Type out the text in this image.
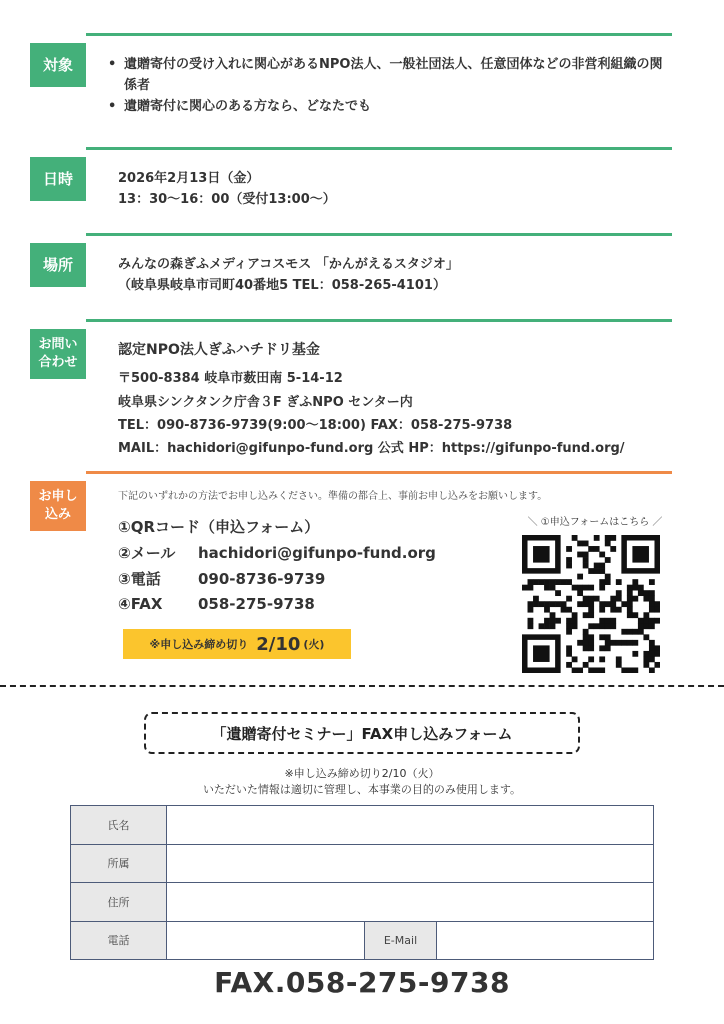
対象	• 遺贈寄付の受け入れに関心があるNPO法人、一般社団法人、任意団体などの非営利組織の関係者
• 遺贈寄付に関心のある方なら、どなたでも
日時	2026年2月13日（金）
13：30〜16：00（受付13:00〜）
場所	みんなの森ぎふメディアコスモス 「かんがえるスタジオ」
（岐阜県岐阜市司町40番地5 TEL：058-265-4101）
お問い
合わせ
認定NPO法人ぎふハチドリ基金
〒500-8384 岐阜市薮田南 5-14-12
岐阜県シンクタンク庁舎３F ぎふNPO センター内
TEL：090-8736-9739(9:00〜18:00) FAX：058-275-9738
MAIL：hachidori@gifunpo-fund.org 公式 HP：https://gifunpo-fund.org/
お申し
込み
下記のいずれかの方法でお申し込みください。準備の都合上、事前お申し込みをお願いします。
①QRコード（申込フォーム）
②メール hachidori@gifunpo-fund.org
③電話 090-8736-9739
④FAX 058-275-9738
※申し込み締め切り 2/10 (火)
＼ ①申込フォームはこちら ／
「遺贈寄付セミナー」FAX申し込みフォーム
※申し込み締め切り2/10（火）
いただいた情報は適切に管理し、本事業の目的のみ使用します。
氏名			
所属			
住所			
電話		E-Mail	
FAX.058-275-9738
